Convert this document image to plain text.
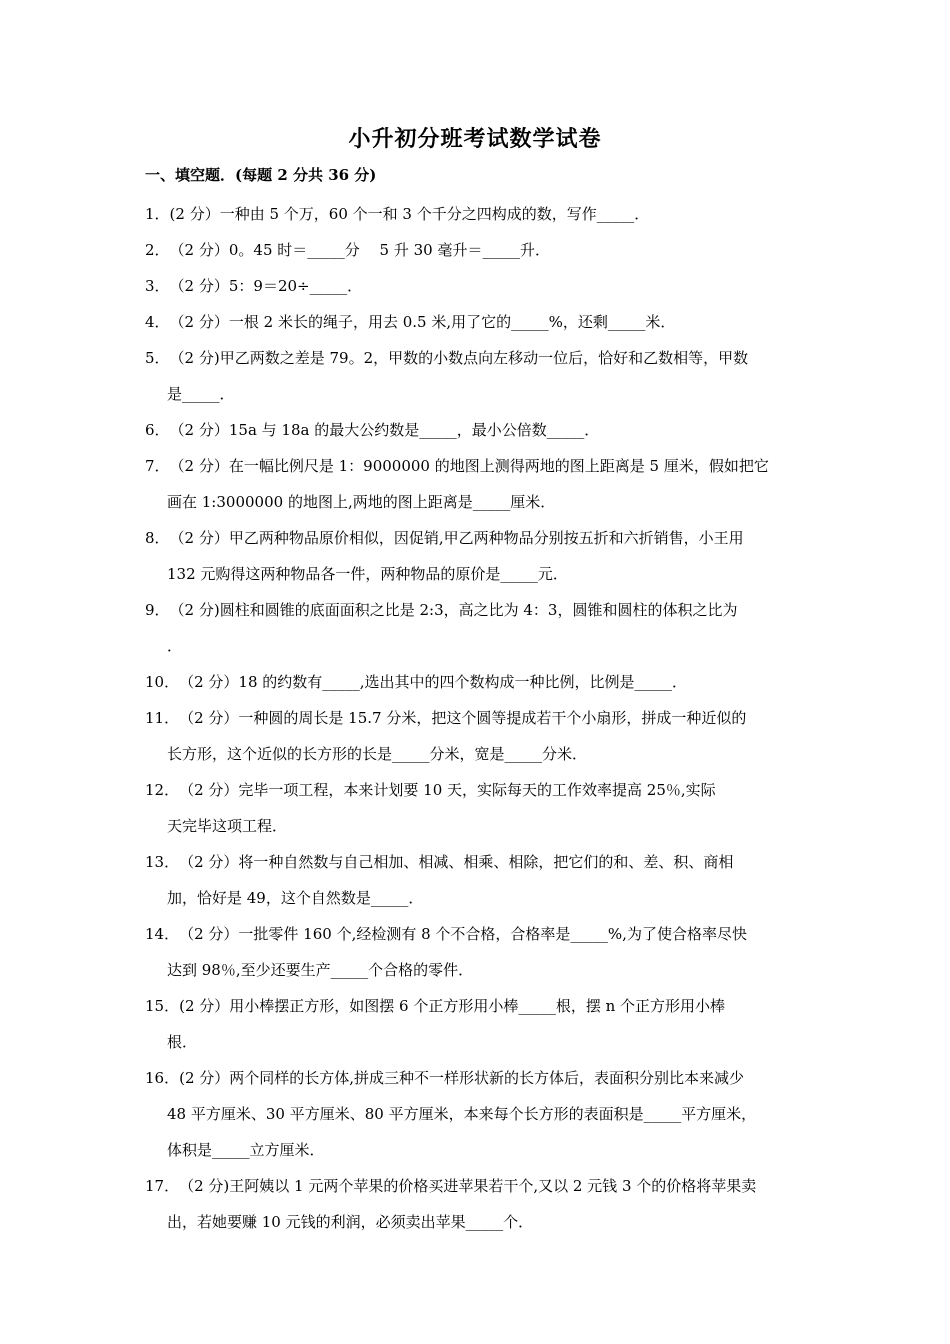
小升初分班考试数学试卷
一、填空题．(每题 2 分共 36 分)
1．(2 分）一种由 5 个万，60 个一和 3 个千分之四构成的数，写作_____．
2．（2 分）0。45 时＝_____分　 5 升 30 毫升＝_____升．
3．（2 分）5：9＝20÷_____．
4．（2 分）一根 2 米长的绳子，用去 0.5 米,用了它的_____%，还剩_____米．
5．（2 分)甲乙两数之差是 79。2，甲数的小数点向左移动一位后，恰好和乙数相等，甲数
是_____．
6．（2 分）15a 与 18a 的最大公约数是_____，最小公倍数_____．
7．（2 分）在一幅比例尺是 1：9000000 的地图上测得两地的图上距离是 5 厘米，假如把它
画在 1:3000000 的地图上,两地的图上距离是_____厘米．
8．（2 分）甲乙两种物品原价相似，因促销,甲乙两种物品分别按五折和六折销售，小王用
132 元购得这两种物品各一件，两种物品的原价是_____元．
9．（2 分)圆柱和圆锥的底面面积之比是 2:3，高之比为 4：3，圆锥和圆柱的体积之比为
．
10．（2 分）18 的约数有_____,选出其中的四个数构成一种比例，比例是_____．
11．（2 分）一种圆的周长是 15.7 分米，把这个圆等提成若干个小扇形，拼成一种近似的
长方形，这个近似的长方形的长是_____分米，宽是_____分米．
12．（2 分）完毕一项工程，本来计划要 10 天，实际每天的工作效率提高 25％,实际
天完毕这项工程．
13．（2 分）将一种自然数与自己相加、相减、相乘、相除，把它们的和、差、积、商相
加，恰好是 49，这个自然数是_____．
14．（2 分）一批零件 160 个,经检测有 8 个不合格，合格率是_____%,为了使合格率尽快
达到 98％,至少还要生产_____个合格的零件．
15．(2 分）用小棒摆正方形，如图摆 6 个正方形用小棒_____根，摆 n 个正方形用小棒
根．
16．(2 分）两个同样的长方体,拼成三种不一样形状新的长方体后，表面积分别比本来减少
48 平方厘米、30 平方厘米、80 平方厘米，本来每个长方形的表面积是_____平方厘米，
体积是_____立方厘米．
17．（2 分)王阿姨以 1 元两个苹果的价格买进苹果若干个,又以 2 元钱 3 个的价格将苹果卖
出，若她要赚 10 元钱的利润，必须卖出苹果_____个．
